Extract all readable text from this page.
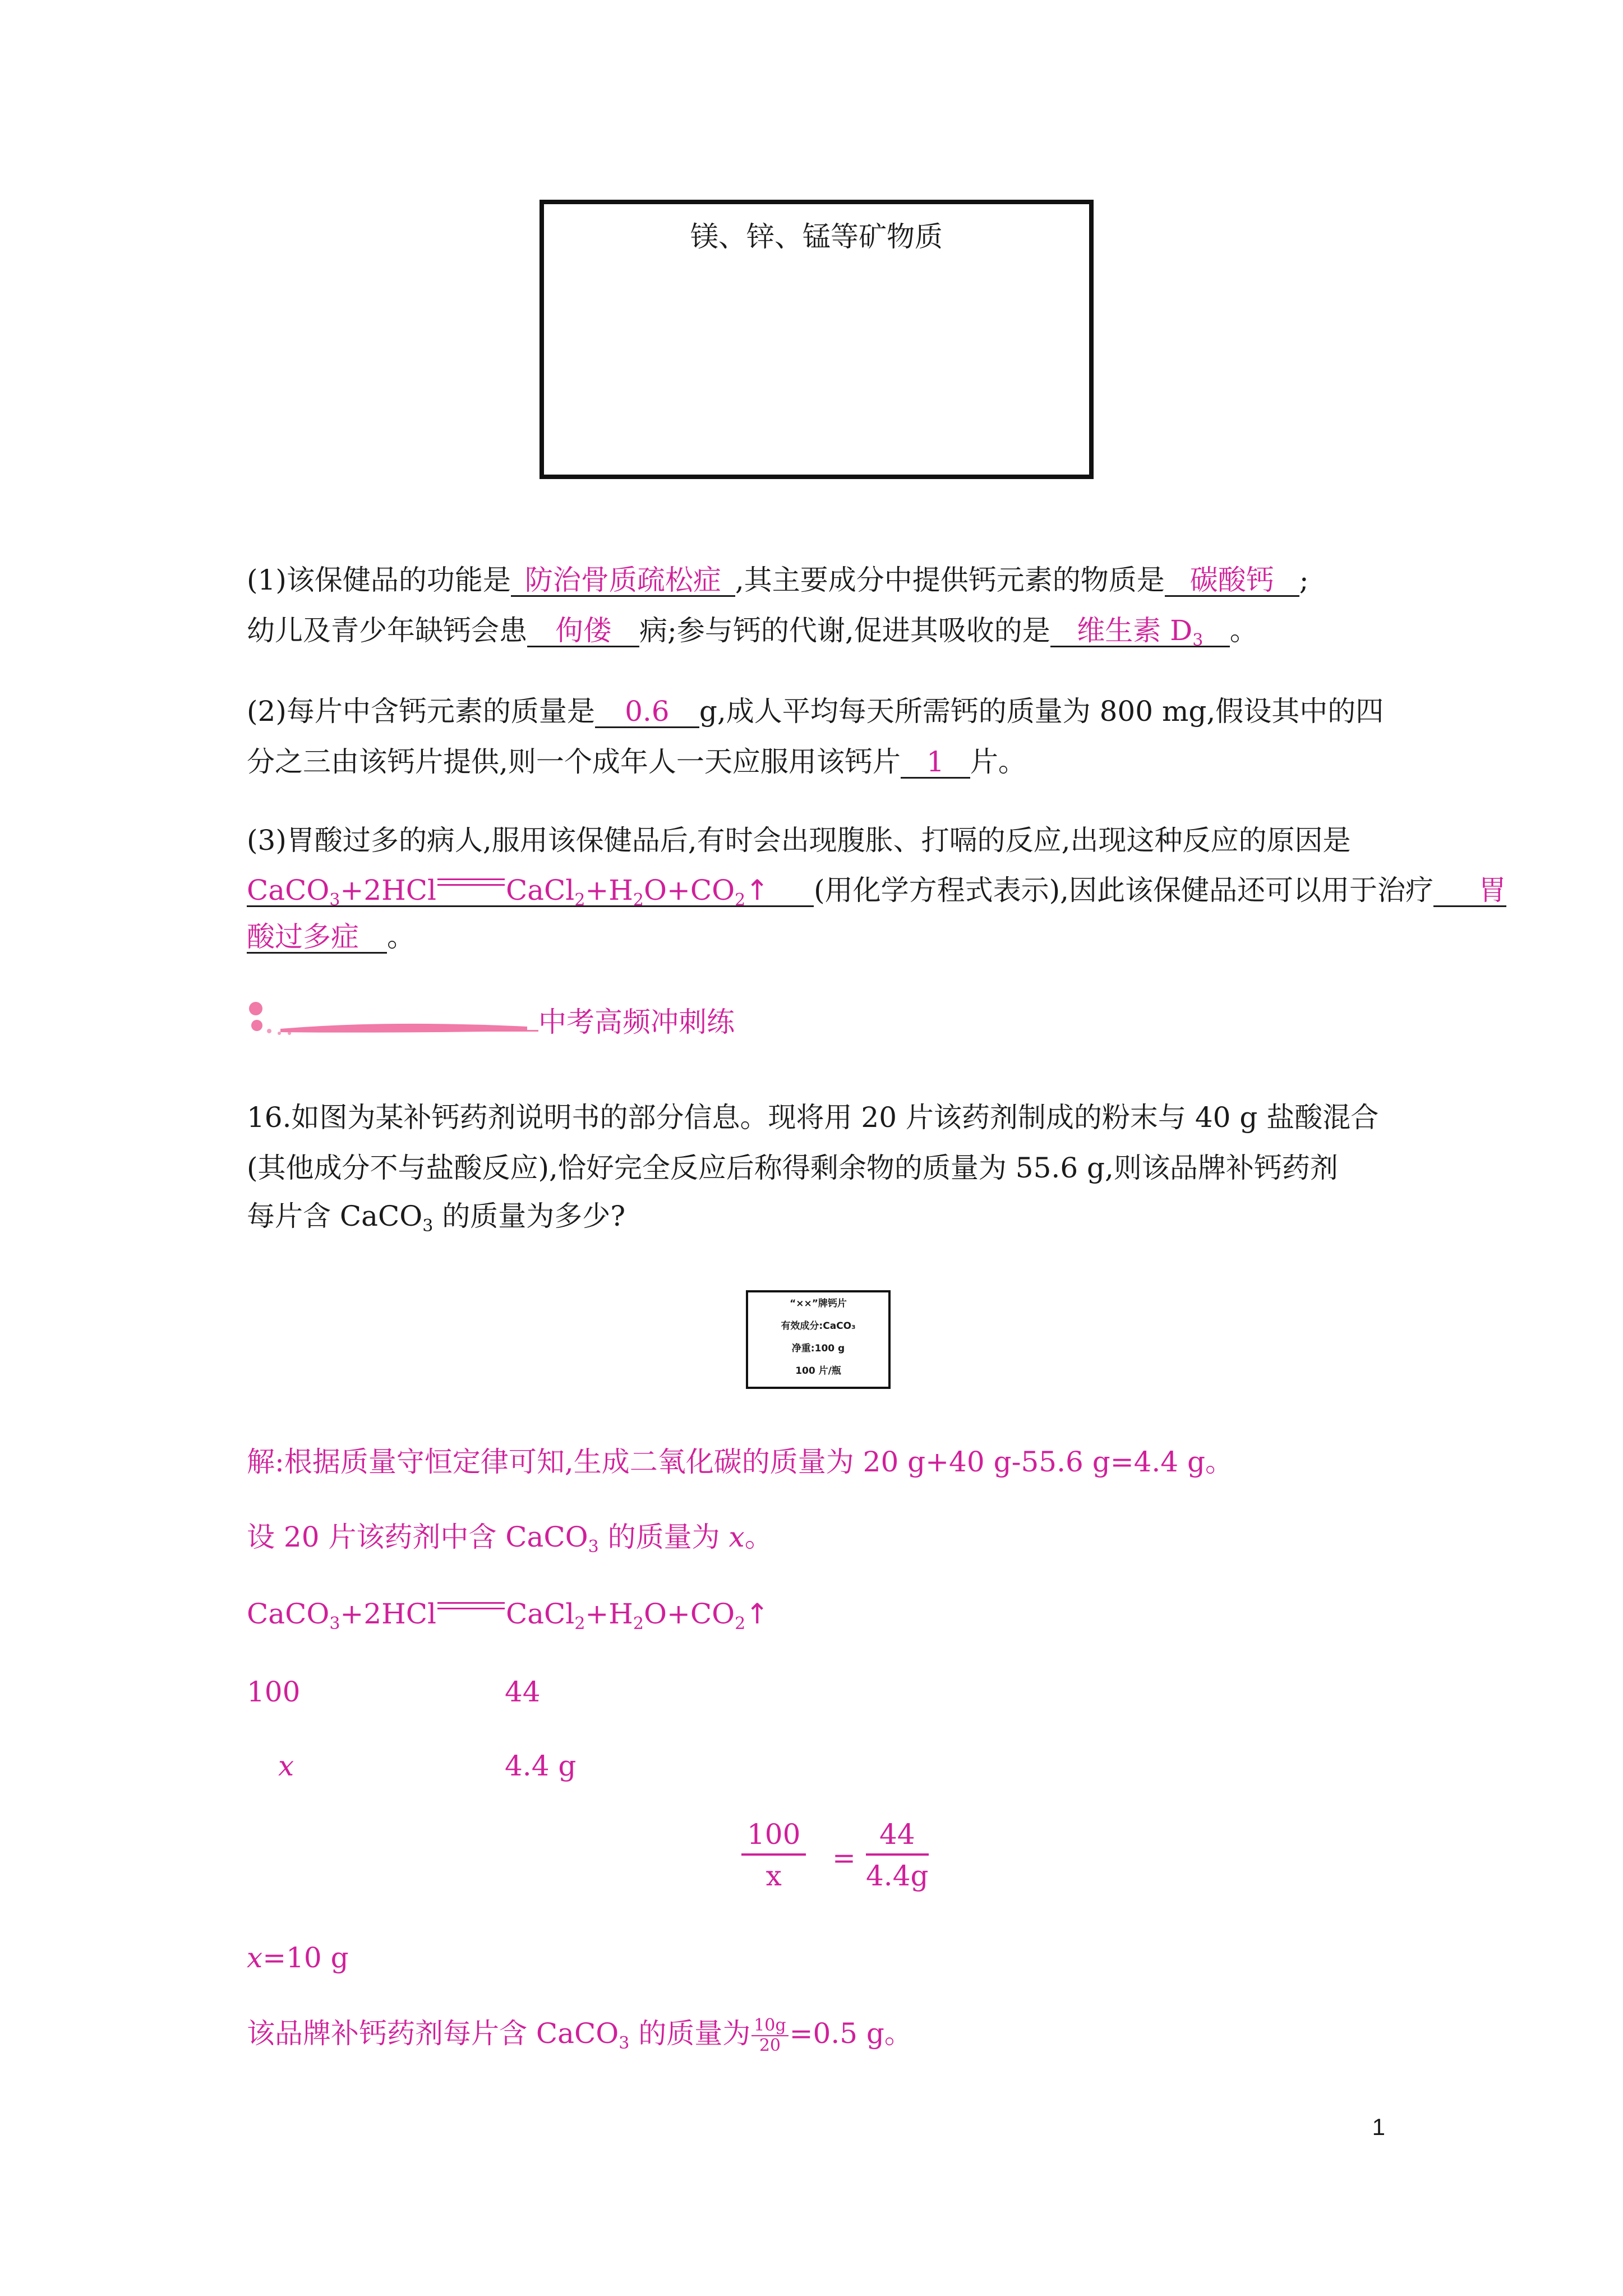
镁、锌、锰等矿物质
(1)该保健品的功能是 防治骨质疏松症 ,其主要成分中提供钙元素的物质是 碳酸钙 ;
幼儿及青少年缺钙会患 佝偻 病;参与钙的代谢,促进其吸收的是 维生素 $D_3$ 。
(2)每片中含钙元素的质量是 0.6 g,成人平均每天所需钙的质量为 800 mg,假设其中的四
分之三由该钙片提供,则一个成年人一天应服用该钙片 1 片。
(3)胃酸过多的病人,服用该保健品后,有时会出现腹胀、打嗝的反应,出现这种反应的原因是
CaCO$_3$+2HCl $CaCl_2+H_2O+CO_2↑$ (用化学方程式表示),因此该保健品还可以用于治疗 胃
酸过多症 。
中考高频冲刺练
16.如图为某补钙药剂说明书的部分信息。现将用 20 片该药剂制成的粉末与 40 g 盐酸混合
(其他成分不与盐酸反应),恰好完全反应后称得剩余物的质量为 55.6 g,则该品牌补钙药剂
每片含 CaCO$_3$ 的质量为多少?
“××”牌钙片
有效成分:CaCO₃
净重:100 g
100 片/瓶
解:根据质量守恒定律可知,生成二氧化碳的质量为 20 g+40 g-55.6 g=4.4 g。
设 20 片该药剂中含 CaCO$_3$ 的质量为 x。
CaCO$_3$+2HCl $CaCl_2+H_2O+CO_2↑$
100	44
x	4.4 g
$\frac{100}{x} = \frac{44}{4.4g}$
x=10 g
该品牌补钙药剂每片含 CaCO$_3$ 的质量为 $\frac{10g}{20} =0.5$ g。
1
